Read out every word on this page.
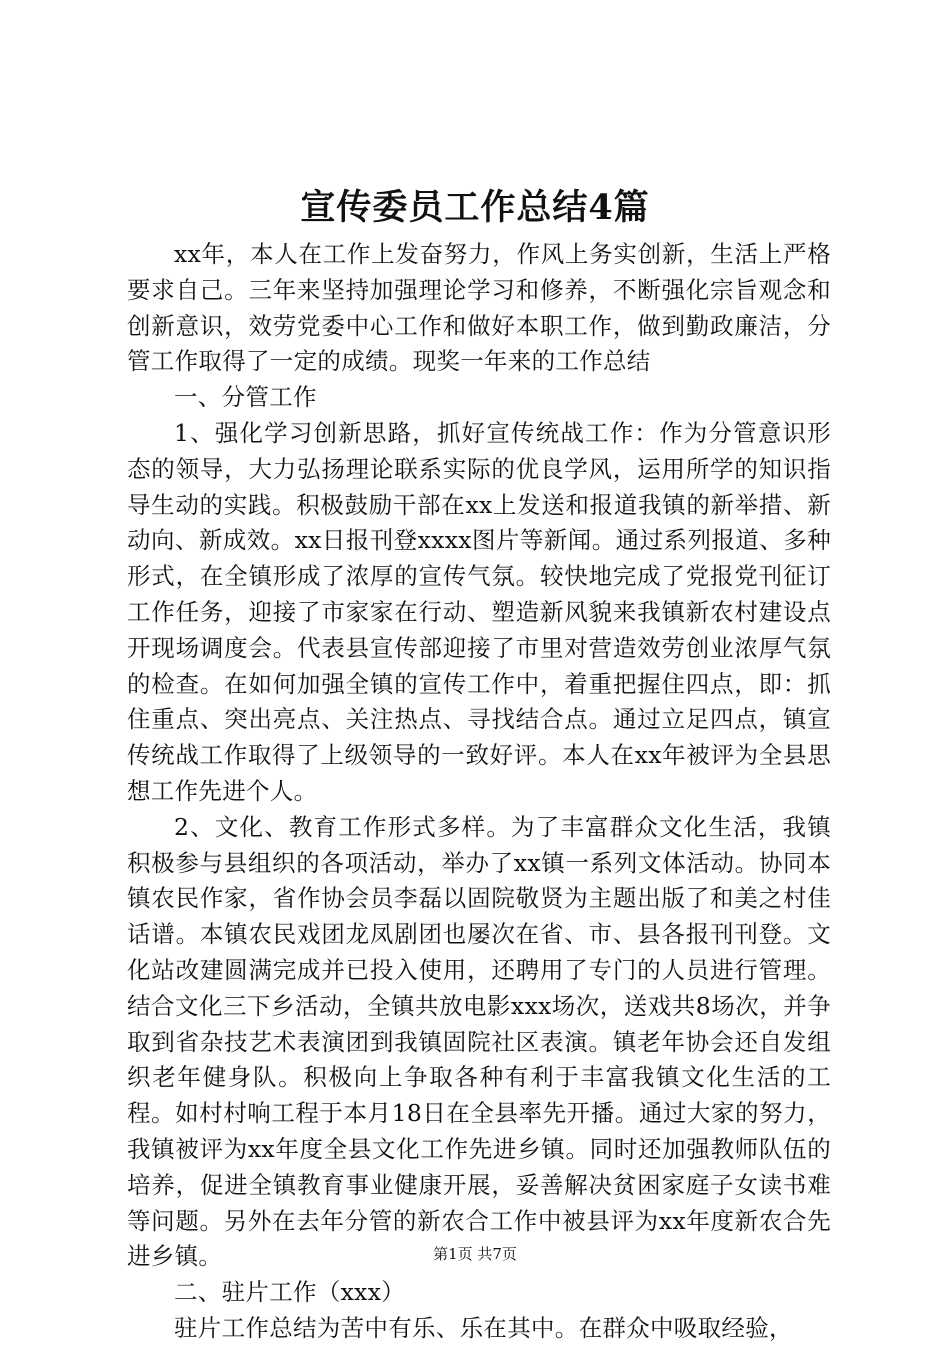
宣传委员工作总结4篇

xx年，本人在工作上发奋努力，作风上务实创新，生活上严格要求自己。三年来坚持加强理论学习和修养，不断强化宗旨观念和创新意识，效劳党委中心工作和做好本职工作，做到勤政廉洁，分管工作取得了一定的成绩。现奖一年来的工作总结

一、分管工作

1、强化学习创新思路，抓好宣传统战工作：作为分管意识形态的领导，大力弘扬理论联系实际的优良学风，运用所学的知识指导生动的实践。积极鼓励干部在xx上发送和报道我镇的新举措、新动向、新成效。xx日报刊登xxxx图片等新闻。通过系列报道、多种形式，在全镇形成了浓厚的宣传气氛。较快地完成了党报党刊征订工作任务，迎接了市家家在行动、塑造新风貌来我镇新农村建设点开现场调度会。代表县宣传部迎接了市里对营造效劳创业浓厚气氛的检查。在如何加强全镇的宣传工作中，着重把握住四点，即：抓住重点、突出亮点、关注热点、寻找结合点。通过立足四点，镇宣传统战工作取得了上级领导的一致好评。本人在xx年被评为全县思想工作先进个人。

2、文化、教育工作形式多样。为了丰富群众文化生活，我镇积极参与县组织的各项活动，举办了xx镇一系列文体活动。协同本镇农民作家，省作协会员李磊以固院敬贤为主题出版了和美之村佳话谱。本镇农民戏团龙凤剧团也屡次在省、市、县各报刊刊登。文化站改建圆满完成并已投入使用，还聘用了专门的人员进行管理。结合文化三下乡活动，全镇共放电影xxx场次，送戏共8场次，并争取到省杂技艺术表演团到我镇固院社区表演。镇老年协会还自发组织老年健身队。积极向上争取各种有利于丰富我镇文化生活的工程。如村村响工程于本月18日在全县率先开播。通过大家的努力，我镇被评为xx年度全县文化工作先进乡镇。同时还加强教师队伍的培养，促进全镇教育事业健康开展，妥善解决贫困家庭子女读书难等问题。另外在去年分管的新农合工作中被县评为xx年度新农合先进乡镇。

二、驻片工作（xxx）

驻片工作总结为苦中有乐、乐在其中。在群众中吸取经验，

第1页 共7页
